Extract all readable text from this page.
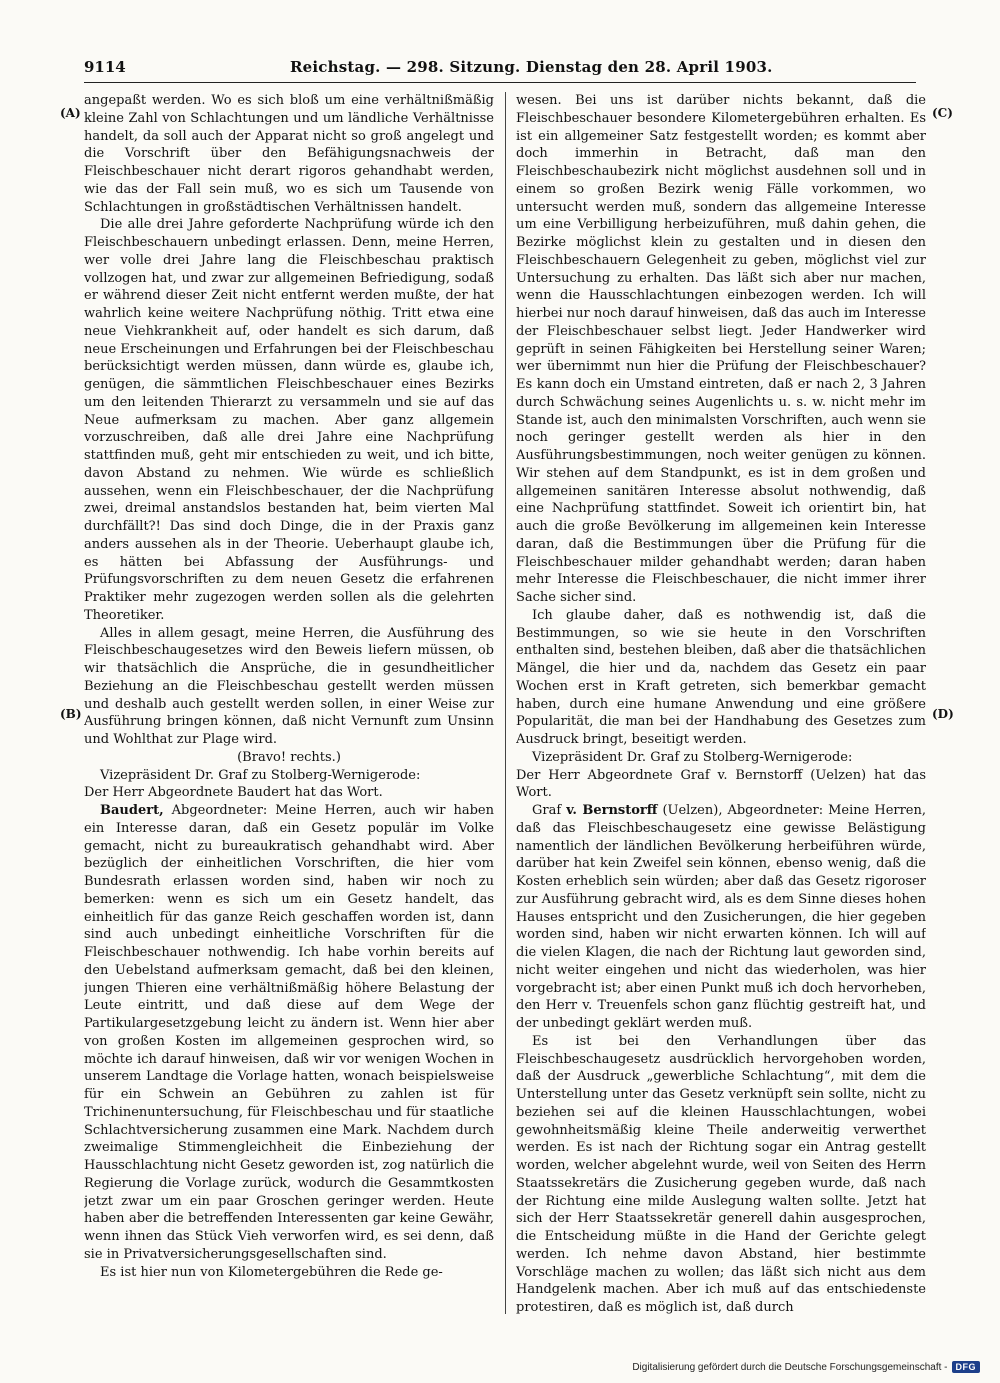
9114	Reichstag. — 298. Sitzung. Dienstag den 28. April 1903.
(A)
(B)
(C)
(D)

angepaßt werden. Wo es sich bloß um eine verhältnißmäßig kleine Zahl von Schlachtungen und um ländliche Verhältnisse handelt, da soll auch der Apparat nicht so groß angelegt und die Vorschrift über den Befähigungsnachweis der Fleischbeschauer nicht derart rigoros gehandhabt werden, wie das der Fall sein muß, wo es sich um Tausende von Schlachtungen in großstädtischen Verhältnissen handelt.

Die alle drei Jahre geforderte Nachprüfung würde ich den Fleischbeschauern unbedingt erlassen. Denn, meine Herren, wer volle drei Jahre lang die Fleischbeschau praktisch vollzogen hat, und zwar zur allgemeinen Befriedigung, sodaß er während dieser Zeit nicht entfernt werden mußte, der hat wahrlich keine weitere Nachprüfung nöthig. Tritt etwa eine neue Viehkrankheit auf, oder handelt es sich darum, daß neue Erscheinungen und Erfahrungen bei der Fleischbeschau berücksichtigt werden müssen, dann würde es, glaube ich, genügen, die sämmtlichen Fleischbeschauer eines Bezirks um den leitenden Thierarzt zu versammeln und sie auf das Neue aufmerksam zu machen. Aber ganz allgemein vorzuschreiben, daß alle drei Jahre eine Nachprüfung stattfinden muß, geht mir entschieden zu weit, und ich bitte, davon Abstand zu nehmen. Wie würde es schließlich aussehen, wenn ein Fleischbeschauer, der die Nachprüfung zwei, dreimal anstandslos bestanden hat, beim vierten Mal durchfällt?! Das sind doch Dinge, die in der Praxis ganz anders aussehen als in der Theorie. Ueberhaupt glaube ich, es hätten bei Abfassung der Ausführungs- und Prüfungsvorschriften zu dem neuen Gesetz die erfahrenen Praktiker mehr zugezogen werden sollen als die gelehrten Theoretiker.

Alles in allem gesagt, meine Herren, die Ausführung des Fleischbeschaugesetzes wird den Beweis liefern müssen, ob wir thatsächlich die Ansprüche, die in gesundheitlicher Beziehung an die Fleischbeschau gestellt werden müssen und deshalb auch gestellt werden sollen, in einer Weise zur Ausführung bringen können, daß nicht Vernunft zum Unsinn und Wohlthat zur Plage wird.

(Bravo! rechts.)

Vizepräsident Dr. Graf zu Stolberg-Wernigerode:

Der Herr Abgeordnete Baudert hat das Wort.

Baudert, Abgeordneter: Meine Herren, auch wir haben ein Interesse daran, daß ein Gesetz populär im Volke gemacht, nicht zu bureaukratisch gehandhabt wird. Aber bezüglich der einheitlichen Vorschriften, die hier vom Bundesrath erlassen worden sind, haben wir noch zu bemerken: wenn es sich um ein Gesetz handelt, das einheitlich für das ganze Reich geschaffen worden ist, dann sind auch unbedingt einheitliche Vorschriften für die Fleischbeschauer nothwendig. Ich habe vorhin bereits auf den Uebelstand aufmerksam gemacht, daß bei den kleinen, jungen Thieren eine verhältnißmäßig höhere Belastung der Leute eintritt, und daß diese auf dem Wege der Partikulargesetzgebung leicht zu ändern ist. Wenn hier aber von großen Kosten im allgemeinen gesprochen wird, so möchte ich darauf hinweisen, daß wir vor wenigen Wochen in unserem Landtage die Vorlage hatten, wonach beispielsweise für ein Schwein an Gebühren zu zahlen ist für Trichinenuntersuchung, für Fleischbeschau und für staatliche Schlachtversicherung zusammen eine Mark. Nachdem durch zweimalige Stimmengleichheit die Einbeziehung der Hausschlachtung nicht Gesetz geworden ist, zog natürlich die Regierung die Vorlage zurück, wodurch die Gesammtkosten jetzt zwar um ein paar Groschen geringer werden. Heute haben aber die betreffenden Interessenten gar keine Gewähr, wenn ihnen das Stück Vieh verworfen wird, es sei denn, daß sie in Privatversicherungsgesellschaften sind.

Es ist hier nun von Kilometergebühren die Rede ge-

wesen. Bei uns ist darüber nichts bekannt, daß die Fleischbeschauer besondere Kilometergebühren erhalten. Es ist ein allgemeiner Satz festgestellt worden; es kommt aber doch immerhin in Betracht, daß man den Fleischbeschaubezirk nicht möglichst ausdehnen soll und in einem so großen Bezirk wenig Fälle vorkommen, wo untersucht werden muß, sondern das allgemeine Interesse um eine Verbilligung herbeizuführen, muß dahin gehen, die Bezirke möglichst klein zu gestalten und in diesen den Fleischbeschauern Gelegenheit zu geben, möglichst viel zur Untersuchung zu erhalten. Das läßt sich aber nur machen, wenn die Hausschlachtungen einbezogen werden. Ich will hierbei nur noch darauf hinweisen, daß das auch im Interesse der Fleischbeschauer selbst liegt. Jeder Handwerker wird geprüft in seinen Fähigkeiten bei Herstellung seiner Waren; wer übernimmt nun hier die Prüfung der Fleischbeschauer? Es kann doch ein Umstand eintreten, daß er nach 2, 3 Jahren durch Schwächung seines Augenlichts u. s. w. nicht mehr im Stande ist, auch den minimalsten Vorschriften, auch wenn sie noch geringer gestellt werden als hier in den Ausführungsbestimmungen, noch weiter genügen zu können. Wir stehen auf dem Standpunkt, es ist in dem großen und allgemeinen sanitären Interesse absolut nothwendig, daß eine Nachprüfung stattfindet. Soweit ich orientirt bin, hat auch die große Bevölkerung im allgemeinen kein Interesse daran, daß die Bestimmungen über die Prüfung für die Fleischbeschauer milder gehandhabt werden; daran haben mehr Interesse die Fleischbeschauer, die nicht immer ihrer Sache sicher sind.

Ich glaube daher, daß es nothwendig ist, daß die Bestimmungen, so wie sie heute in den Vorschriften enthalten sind, bestehen bleiben, daß aber die thatsächlichen Mängel, die hier und da, nachdem das Gesetz ein paar Wochen erst in Kraft getreten, sich bemerkbar gemacht haben, durch eine humane Anwendung und eine größere Popularität, die man bei der Handhabung des Gesetzes zum Ausdruck bringt, beseitigt werden.

Vizepräsident Dr. Graf zu Stolberg-Wernigerode:

Der Herr Abgeordnete Graf v. Bernstorff (Uelzen) hat das Wort.

Graf v. Bernstorff (Uelzen), Abgeordneter: Meine Herren, daß das Fleischbeschaugesetz eine gewisse Belästigung namentlich der ländlichen Bevölkerung herbeiführen würde, darüber hat kein Zweifel sein können, ebenso wenig, daß die Kosten erheblich sein würden; aber daß das Gesetz rigoroser zur Ausführung gebracht wird, als es dem Sinne dieses hohen Hauses entspricht und den Zusicherungen, die hier gegeben worden sind, haben wir nicht erwarten können. Ich will auf die vielen Klagen, die nach der Richtung laut geworden sind, nicht weiter eingehen und nicht das wiederholen, was hier vorgebracht ist; aber einen Punkt muß ich doch hervorheben, den Herr v. Treuenfels schon ganz flüchtig gestreift hat, und der unbedingt geklärt werden muß.

Es ist bei den Verhandlungen über das Fleischbeschaugesetz ausdrücklich hervorgehoben worden, daß der Ausdruck „gewerbliche Schlachtung“, mit dem die Unterstellung unter das Gesetz verknüpft sein sollte, nicht zu beziehen sei auf die kleinen Hausschlachtungen, wobei gewohnheitsmäßig kleine Theile anderweitig verwerthet werden. Es ist nach der Richtung sogar ein Antrag gestellt worden, welcher abgelehnt wurde, weil von Seiten des Herrn Staatssekretärs die Zusicherung gegeben wurde, daß nach der Richtung eine milde Auslegung walten sollte. Jetzt hat sich der Herr Staatssekretär generell dahin ausgesprochen, die Entscheidung müßte in die Hand der Gerichte gelegt werden. Ich nehme davon Abstand, hier bestimmte Vorschläge machen zu wollen; das läßt sich nicht aus dem Handgelenk machen. Aber ich muß auf das entschiedenste protestiren, daß es möglich ist, daß durch

Digitalisierung gefördert durch die Deutsche Forschungsgemeinschaft - DFG
